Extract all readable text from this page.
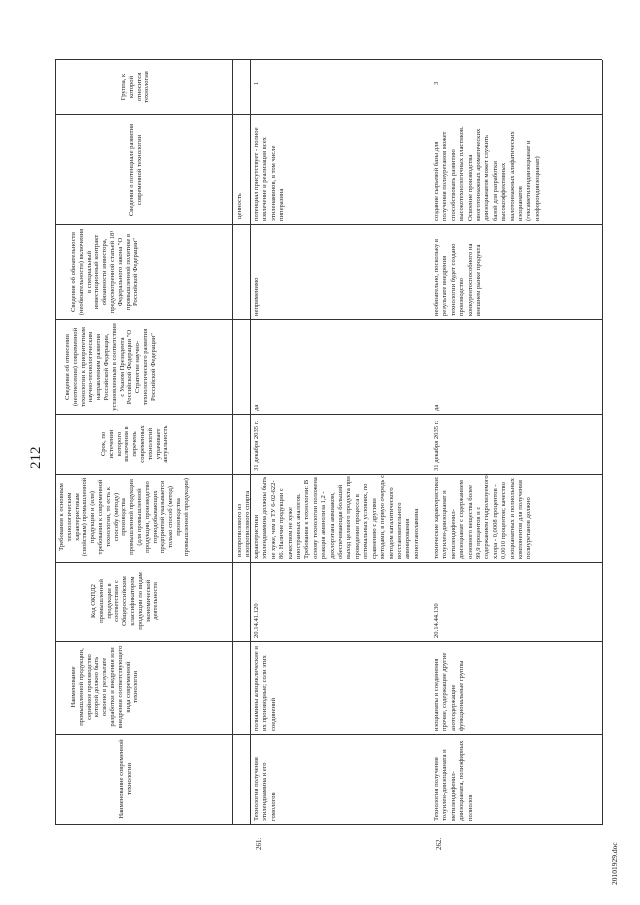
212
Наименование современной технологии
Наименование промышленной продукции, серийное производство которой должно быть освоено в результате разработки и внедрения или внедрения соответствующего вида современной технологии
Код ОКПД2 промышленной продукции в соответствии с Общероссийским классификатором продукции по видам экономической деятельности
Требования к основным технологическим характеристикам (свойствам) промышленной продукции и (или) требования к современной технологии, то есть к способу (методу) производства промышленной продукции (для промышленной продукции, производство горнодобывающих предприятий указывается только способ (метод) производства промышленной продукции)
Срок, по истечении которого включения в перечень современных технологий утрачивает актуальность
Сведения об отнесении (неотнесении) современной технологии к приоритетным научно-технологическим направлениям развития Российской Федерации, установленным в соответствии с Указом Президента Российской Федерации "О Стратегии научно-технологического развития Российской Федерации"
Сведения об обязательности (необязательности) включения в специальный инвестиционный контракт обязанности инвестора, предусмотренной статьей 18¹ Федерального закона "О промышленной политике в Российской Федерации"
Сведения о потенциале развития современной технологии
Группа, к которой относится технология
изопропилового из изопропилового спирта
ценность
261.
Технология получения этилендиамина и его гомологов
полиамины алициклические и их производные; соли этих соединений
20.14.41.120
характеристики этилендиамина должны быть не хуже, чем в ТУ 6-02-622-86. Наличие продукции с качеством не хуже иностранных аналогов. Требования к технологии: В основу технологии положена реакция аминолиза 1,2 - дихлорэтана аммиаком, обеспечивающая больший выход целевого продукта при проведении процесса в оптимальных условиях, по сравнению с другими методами, в первую очередь с методом каталитического восстановительного аминирования моноэтаноламина
31 декабря 2035 г.
да
неприменимо
потенциал присутствует - полное извлечение и реализация всех этиленаминов, в том числе пиперазина
1
262.
Технология получения толуилен-диизоцианата и метилендифенил-диизоцианата, полиэфирных полиолов
изоцианаты и соединения прочие, содержащие другие азотсодержащие функциональные группы
20.14.44.130
технические характеристики: толуилен-диизоцианат и метилендифенил-диизоцианат с содержанием основного вещества более 99,9 процентов и с содержанием гидролизуемого хлора - 0,0008 процентов - 0,0010 процентов; качество изоцианатных и полиольных компонентов для получения полиуретанов должно
31 декабря 2035 г.
да
необязательно, поскольку в результате внедрения технологии будет создано производство конкурентоспособного на внешнем рынке продукта
создание сырьевой базы для получения полиуретанов может способствовать развитию высокотехнологичных пластиков. Освоение производства многотоннажных ароматических диизоцианатов может служить базой для разработки высокоэффективных малотоннажных алифатических изоцианатов (гексаметилендиизоцианат и изофорондиизоцианат)
3
20101929.doc
